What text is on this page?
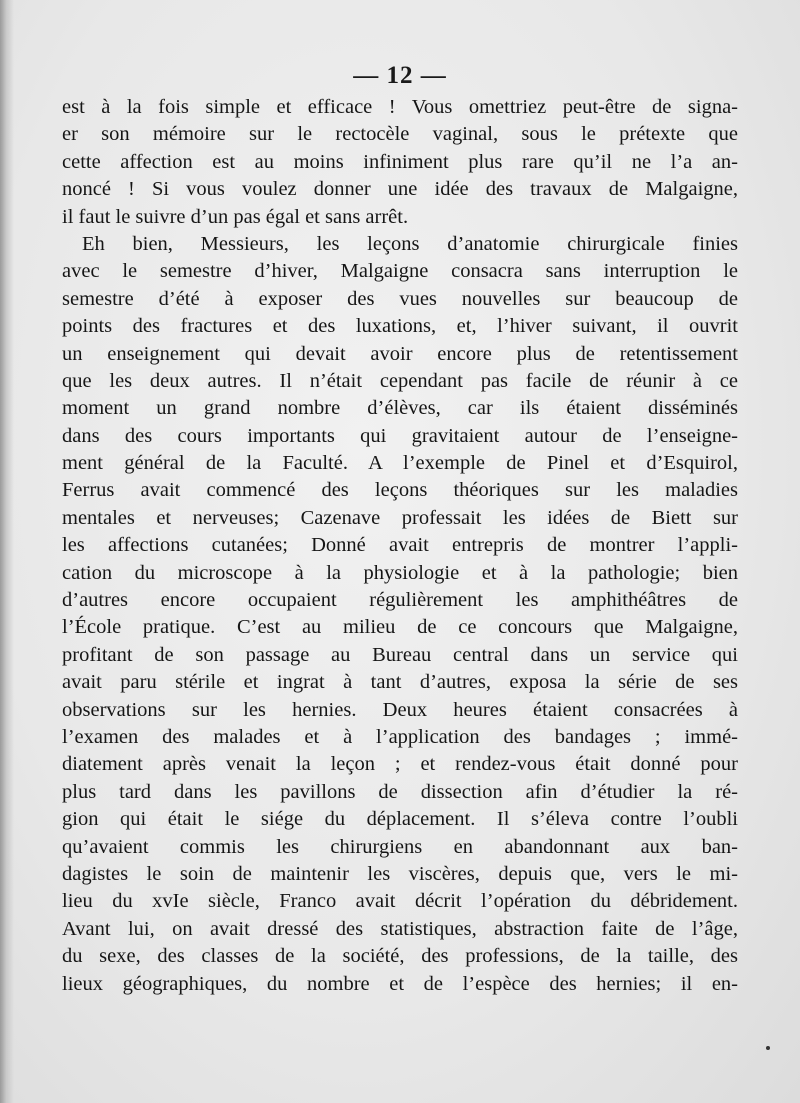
— 12 —
est à la fois simple et efficace ! Vous omettriez peut-être de signa-
er son mémoire sur le rectocèle vaginal, sous le prétexte que
cette affection est au moins infiniment plus rare qu’il ne l’a an-
noncé ! Si vous voulez donner une idée des travaux de Malgaigne,
il faut le suivre d’un pas égal et sans arrêt.
Eh bien, Messieurs, les leçons d’anatomie chirurgicale finies
avec le semestre d’hiver, Malgaigne consacra sans interruption le
semestre d’été à exposer des vues nouvelles sur beaucoup de
points des fractures et des luxations, et, l’hiver suivant, il ouvrit
un enseignement qui devait avoir encore plus de retentissement
que les deux autres. Il n’était cependant pas facile de réunir à ce
moment un grand nombre d’élèves, car ils étaient disséminés
dans des cours importants qui gravitaient autour de l’enseigne-
ment général de la Faculté. A l’exemple de Pinel et d’Esquirol,
Ferrus avait commencé des leçons théoriques sur les maladies
mentales et nerveuses; Cazenave professait les idées de Biett sur
les affections cutanées; Donné avait entrepris de montrer l’appli-
cation du microscope à la physiologie et à la pathologie; bien
d’autres encore occupaient régulièrement les amphithéâtres de
l’École pratique. C’est au milieu de ce concours que Malgaigne,
profitant de son passage au Bureau central dans un service qui
avait paru stérile et ingrat à tant d’autres, exposa la série de ses
observations sur les hernies. Deux heures étaient consacrées à
l’examen des malades et à l’application des bandages ; immé-
diatement après venait la leçon ; et rendez-vous était donné pour
plus tard dans les pavillons de dissection afin d’étudier la ré-
gion qui était le siége du déplacement. Il s’éleva contre l’oubli
qu’avaient commis les chirurgiens en abandonnant aux ban-
dagistes le soin de maintenir les viscères, depuis que, vers le mi-
lieu du xvIe siècle, Franco avait décrit l’opération du débridement.
Avant lui, on avait dressé des statistiques, abstraction faite de l’âge,
du sexe, des classes de la société, des professions, de la taille, des
lieux géographiques, du nombre et de l’espèce des hernies; il en-
